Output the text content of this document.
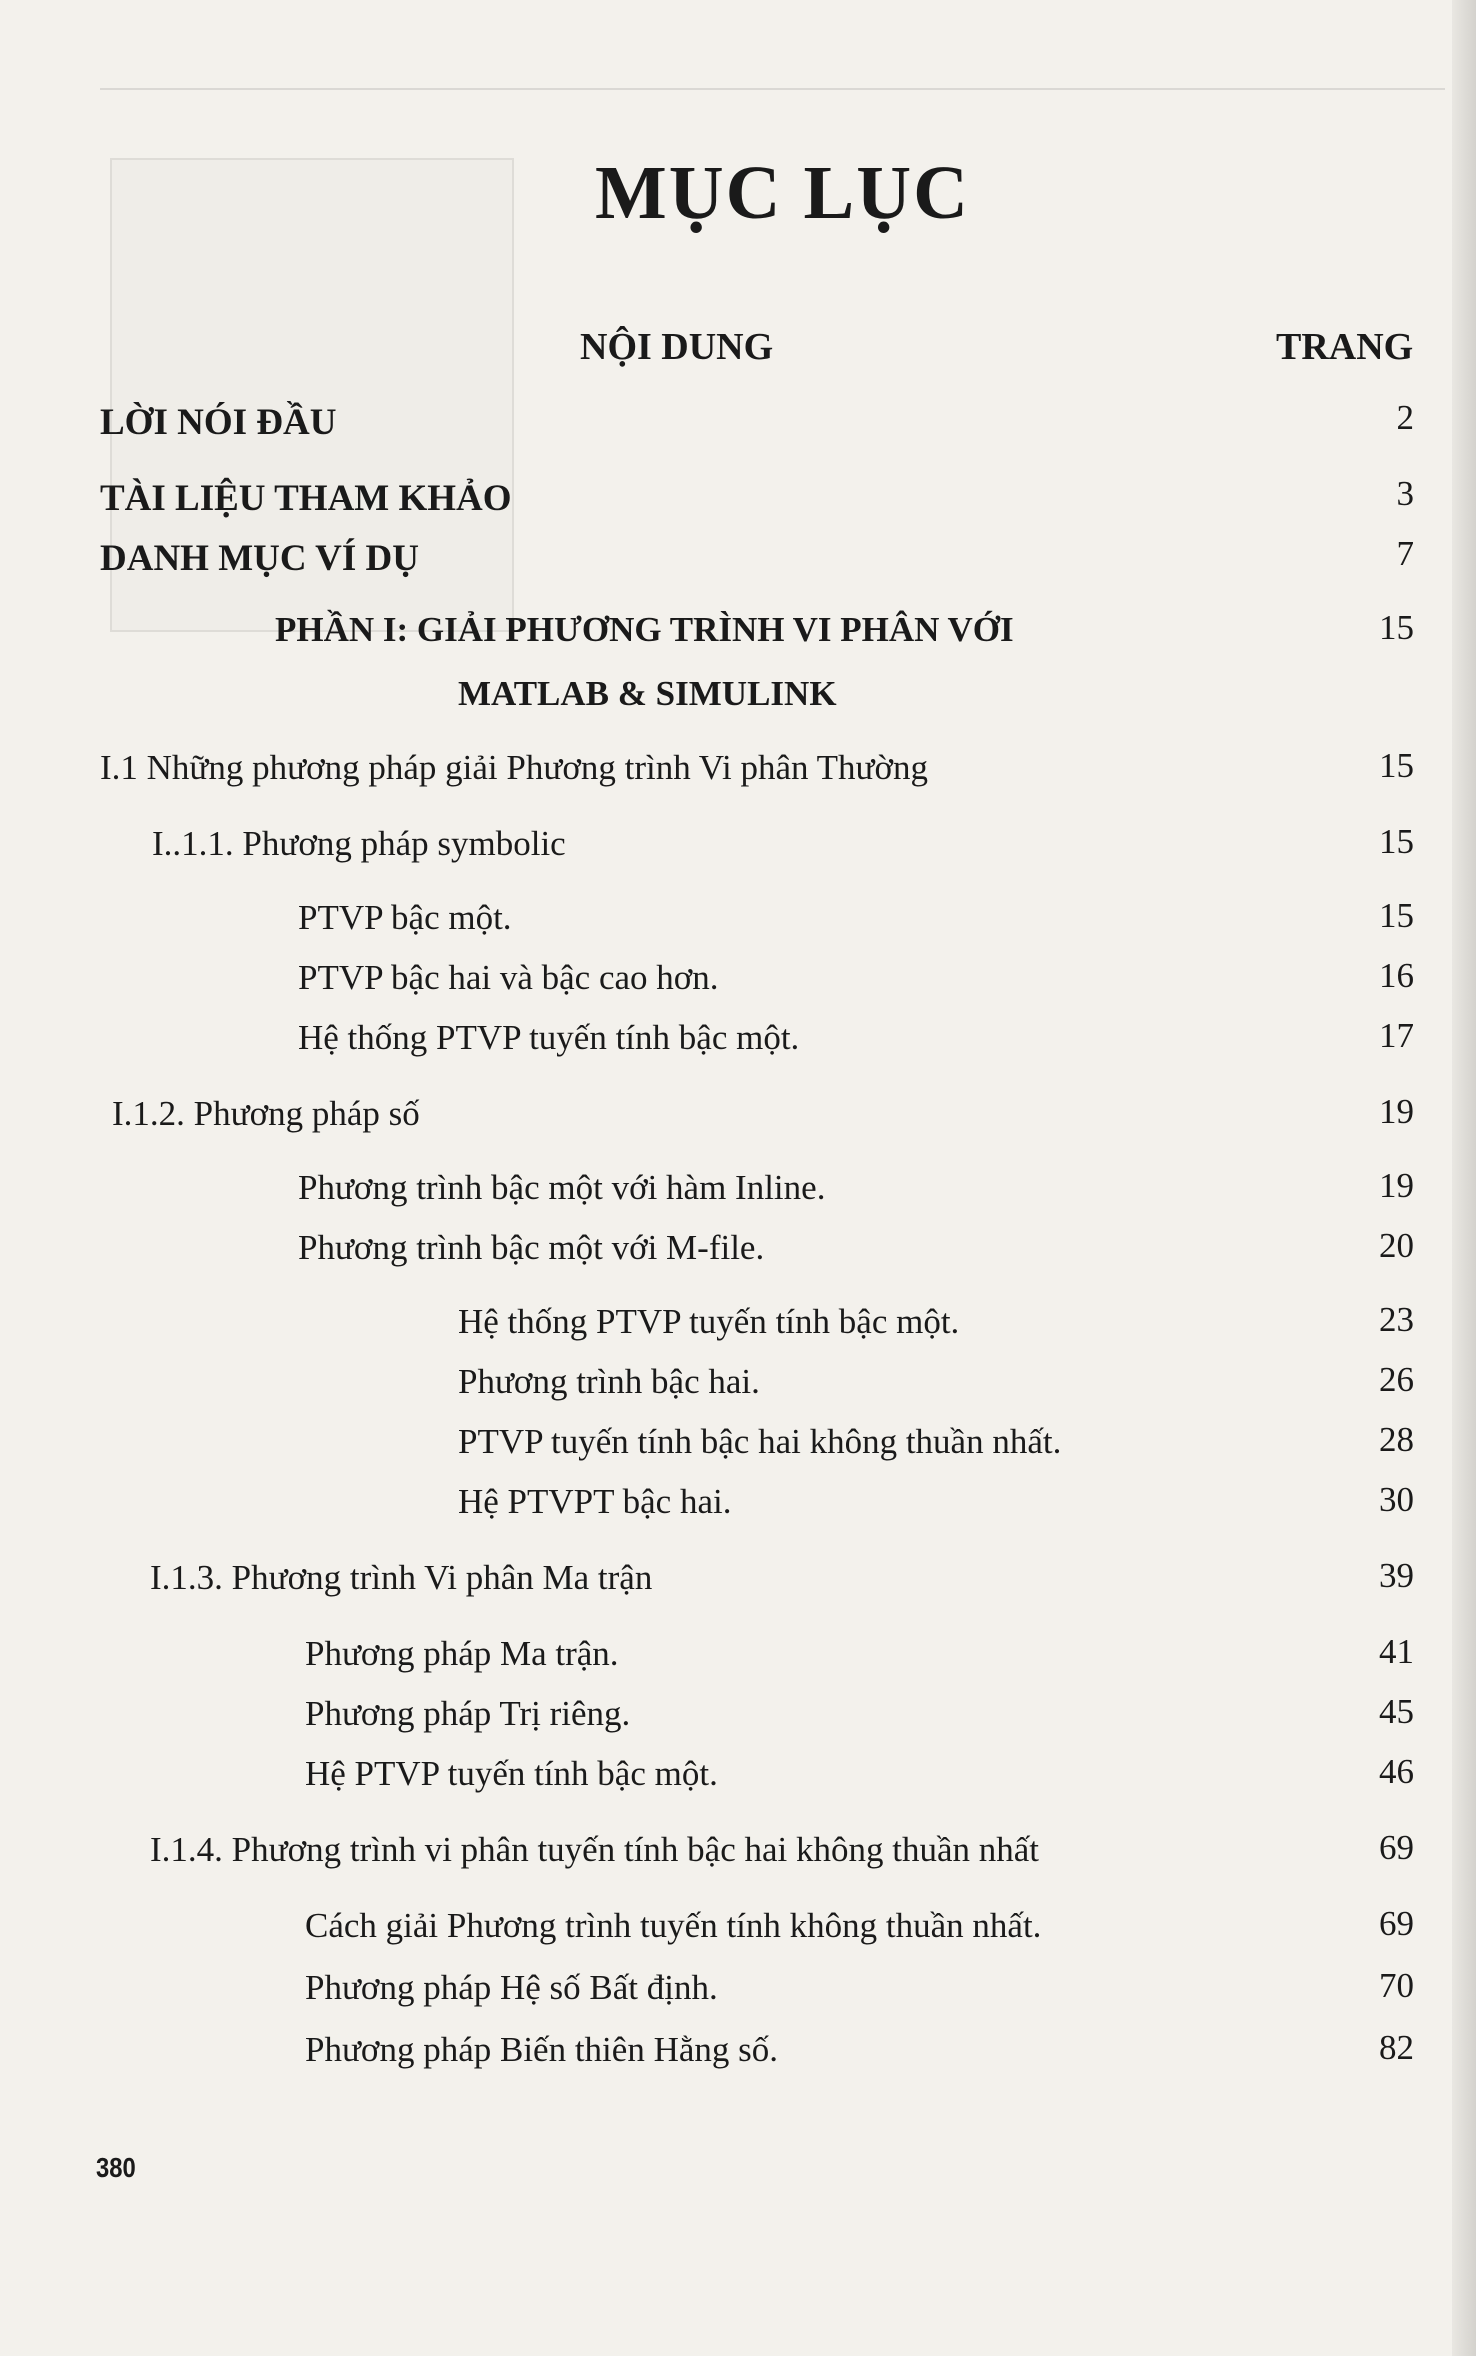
MỤC LỤC
NỘI DUNG	TRANG
LỜI NÓI ĐẦU	2
TÀI LIỆU THAM KHẢO	3
DANH MỤC VÍ DỤ	7
PHẦN I: GIẢI PHƯƠNG TRÌNH VI PHÂN VỚI	15
MATLAB & SIMULINK
I.1 Những phương pháp giải Phương trình Vi phân Thường	15
I..1.1. Phương pháp symbolic	15
PTVP bậc một.	15
PTVP bậc hai và bậc cao hơn.	16
Hệ thống PTVP tuyến tính bậc một.	17
I.1.2. Phương pháp số	19
Phương trình bậc một với hàm Inline.	19
Phương trình bậc một với M-file.	20
Hệ thống PTVP tuyến tính bậc một.	23
Phương trình bậc hai.	26
PTVP tuyến tính bậc hai không thuần nhất.	28
Hệ PTVPT bậc hai.	30
I.1.3. Phương trình Vi phân Ma trận	39
Phương pháp Ma trận.	41
Phương pháp Trị riêng.	45
Hệ PTVP tuyến tính bậc một.	46
I.1.4. Phương trình vi phân tuyến tính bậc hai không thuần nhất	69
Cách giải Phương trình tuyến tính không thuần nhất.	69
Phương pháp Hệ số Bất định.	70
Phương pháp Biến thiên Hằng số.	82
380
